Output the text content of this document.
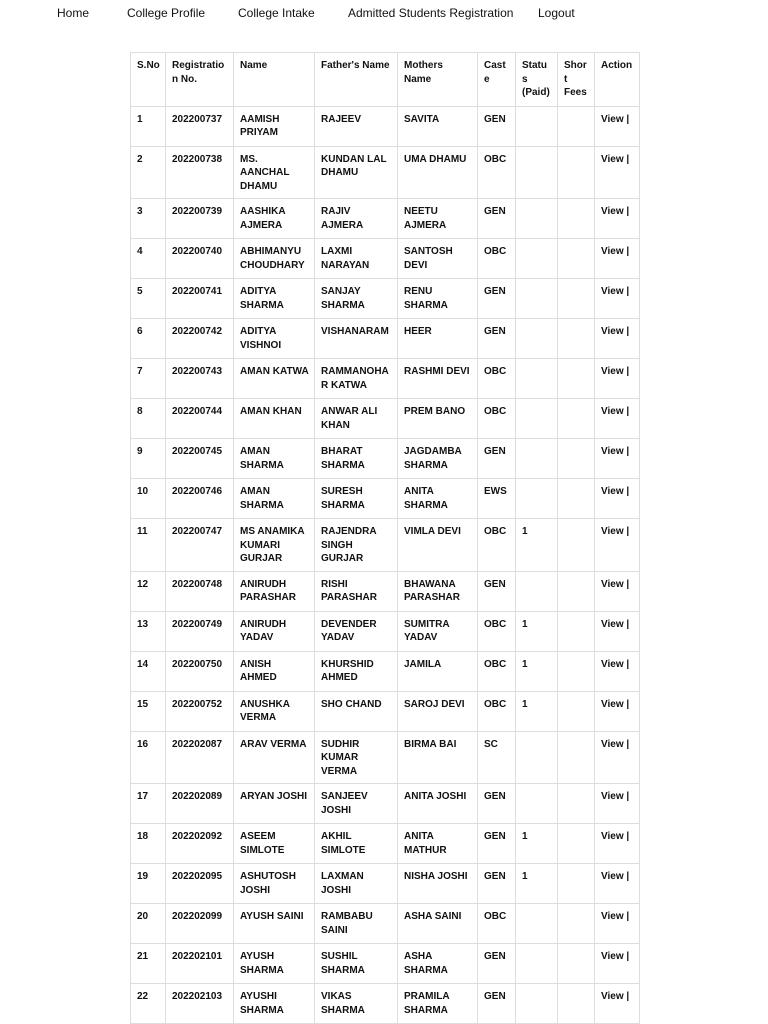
Home	College Profile	College Intake	Admitted Students Registration Logout
S.No	Registration No.	Name	Father's Name	Mothers Name	Caste	Status (Paid)	Short Fees	Action
1	202200737	AAMISH PRIYAM	RAJEEV	SAVITA	GEN			View |
2	202200738	MS. AANCHAL DHAMU	KUNDAN LAL DHAMU	UMA DHAMU	OBC			View |
3	202200739	AASHIKA AJMERA	RAJIV AJMERA	NEETU AJMERA	GEN			View |
4	202200740	ABHIMANYU CHOUDHARY	LAXMI NARAYAN	SANTOSH DEVI	OBC			View |
5	202200741	ADITYA SHARMA	SANJAY SHARMA	RENU SHARMA	GEN			View |
6	202200742	ADITYA VISHNOI	VISHANARAM	HEER	GEN			View |
7	202200743	AMAN KATWA	RAMMANOHAR KATWA	RASHMI DEVI	OBC			View |
8	202200744	AMAN KHAN	ANWAR ALI KHAN	PREM BANO	OBC			View |
9	202200745	AMAN SHARMA	BHARAT SHARMA	JAGDAMBA SHARMA	GEN			View |
10	202200746	AMAN SHARMA	SURESH SHARMA	ANITA SHARMA	EWS			View |
11	202200747	MS ANAMIKA KUMARI GURJAR	RAJENDRA SINGH GURJAR	VIMLA DEVI	OBC	1		View |
12	202200748	ANIRUDH PARASHAR	RISHI PARASHAR	BHAWANA PARASHAR	GEN			View |
13	202200749	ANIRUDH YADAV	DEVENDER YADAV	SUMITRA YADAV	OBC	1		View |
14	202200750	ANISH AHMED	KHURSHID AHMED	JAMILA	OBC	1		View |
15	202200752	ANUSHKA VERMA	SHO CHAND	SAROJ DEVI	OBC	1		View |
16	202202087	ARAV VERMA	SUDHIR KUMAR VERMA	BIRMA BAI	SC			View |
17	202202089	ARYAN JOSHI	SANJEEV JOSHI	ANITA JOSHI	GEN			View |
18	202202092	ASEEM SIMLOTE	AKHIL SIMLOTE	ANITA MATHUR	GEN	1		View |
19	202202095	ASHUTOSH JOSHI	LAXMAN JOSHI	NISHA JOSHI	GEN	1		View |
20	202202099	AYUSH SAINI	RAMBABU SAINI	ASHA SAINI	OBC			View |
21	202202101	AYUSH SHARMA	SUSHIL SHARMA	ASHA SHARMA	GEN			View |
22	202202103	AYUSHI SHARMA	VIKAS SHARMA	PRAMILA SHARMA	GEN			View |
